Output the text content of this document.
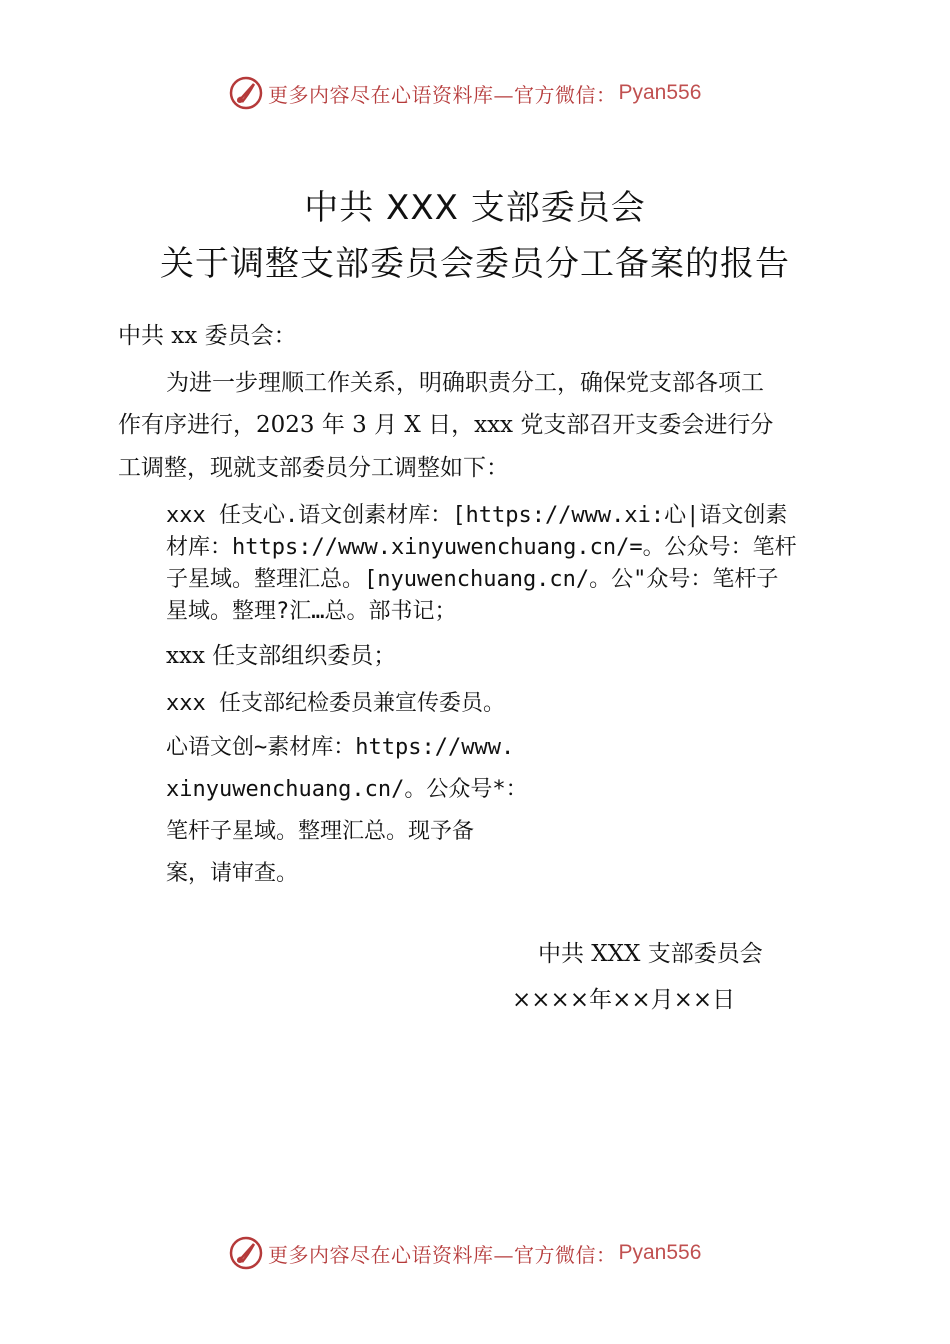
更多内容尽在心语资料库—官方微信： Pyan556
中共 XXX 支部委员会
关于调整支部委员会委员分工备案的报告
中共 xx 委员会：
为进一步理顺工作关系，明确职责分工，确保党支部各项工
作有序进行，2023 年 3 月 X 日，xxx 党支部召开支委会进行分
工调整，现就支部委员分工调整如下：
xxx 任支心.语文创素材库：[https://www.xi:心|语文创素
材库：https://www.xinyuwenchuang.cn/=。公众号：笔杆
子星域。整理汇总。[nyuwenchuang.cn/。公"众号：笔杆子
星域。整理?汇…总。部书记；
xxx 任支部组织委员；
xxx 任支部纪检委员兼宣传委员。
心语文创~素材库：https://www.
xinyuwenchuang.cn/。公众号*：
笔杆子星域。整理汇总。现予备
案，请审查。
中共 XXX 支部委员会
××××年××月××日
更多内容尽在心语资料库—官方微信： Pyan556
